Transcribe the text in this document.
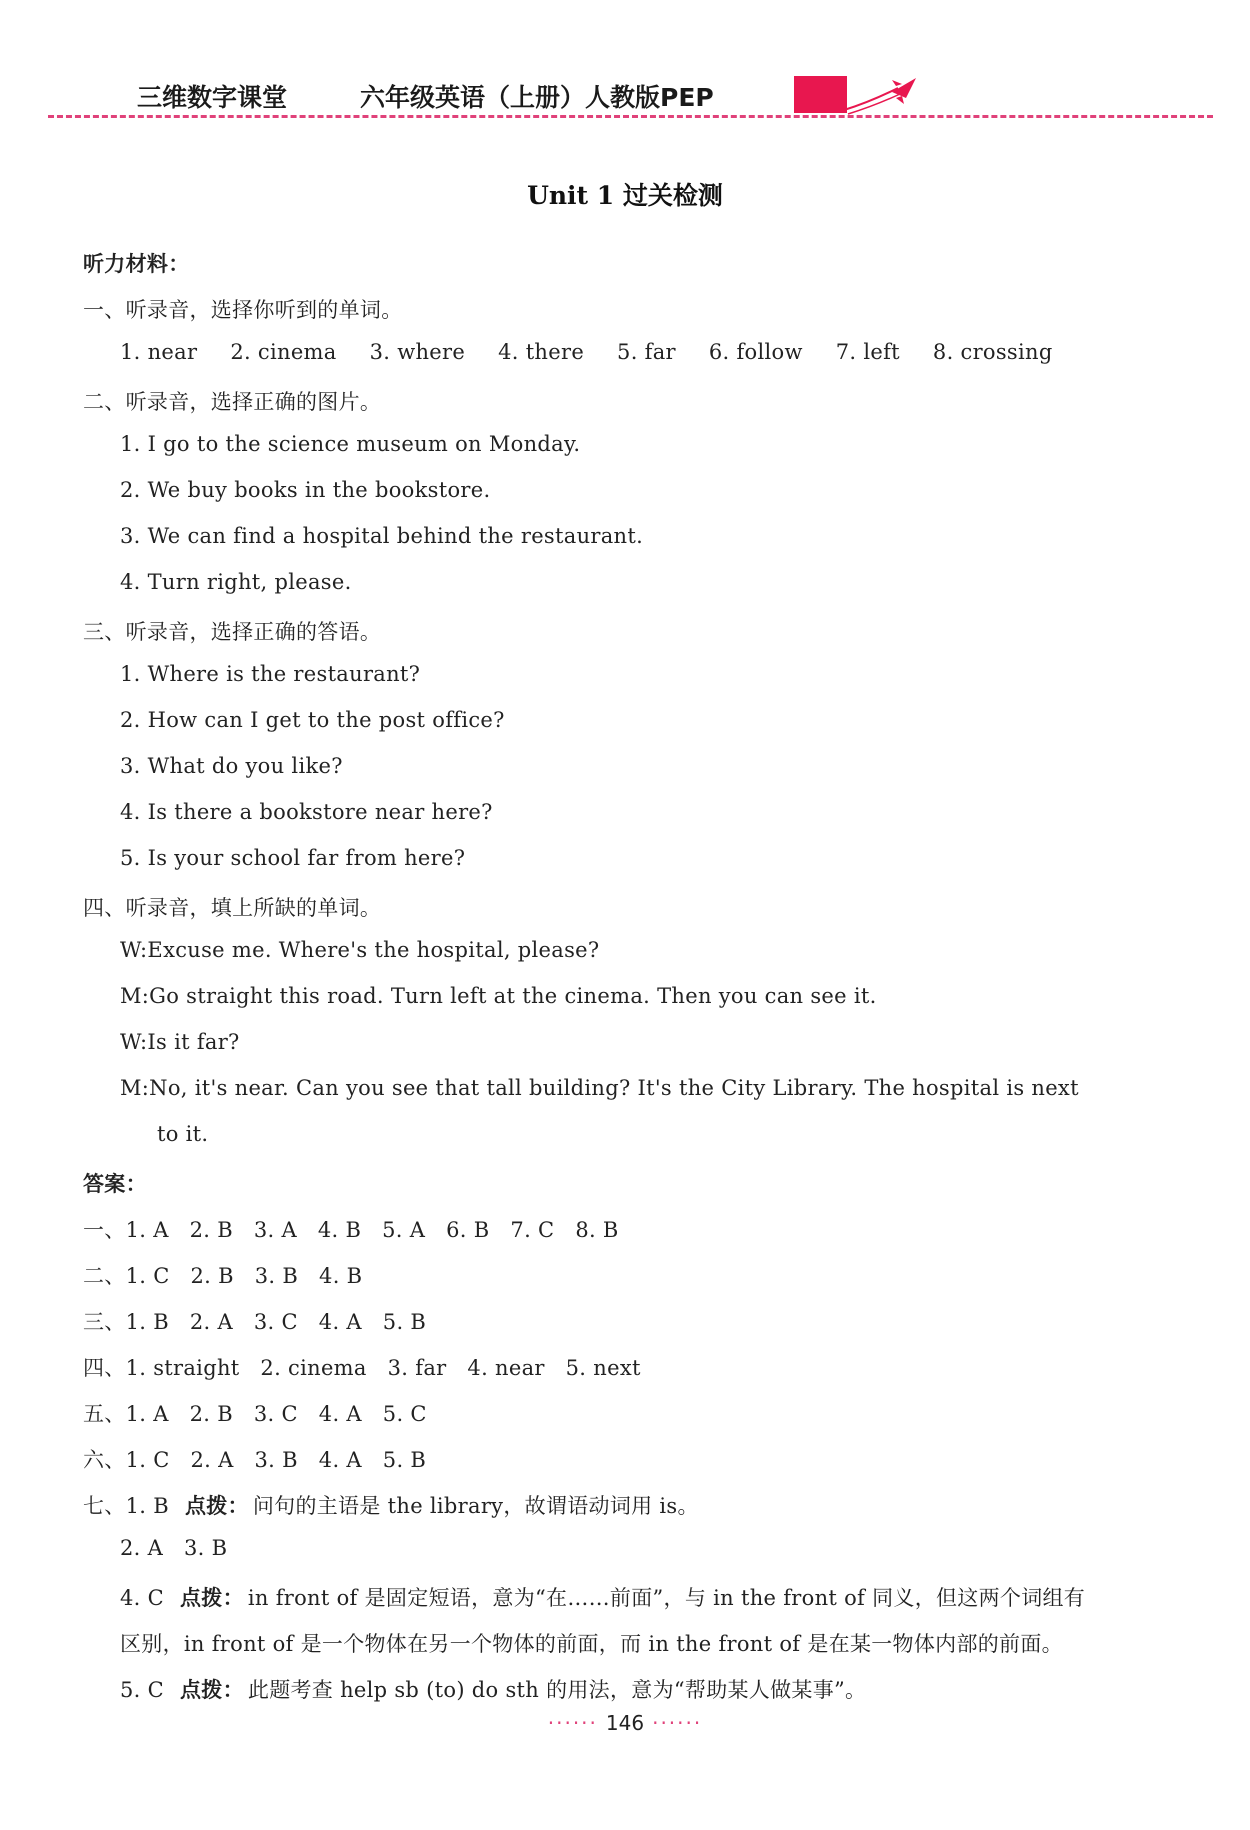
三维数字课堂	六年级英语（上册）人教版PEP
Unit 1 过关检测
听力材料：
一、听录音，选择你听到的单词。
1. near 2. cinema 3. where 4. there 5. far 6. follow 7. left 8. crossing
二、听录音，选择正确的图片。
1. I go to the science museum on Monday.
2. We buy books in the bookstore.
3. We can find a hospital behind the restaurant.
4. Turn right, please.
三、听录音，选择正确的答语。
1. Where is the restaurant?
2. How can I get to the post office?
3. What do you like?
4. Is there a bookstore near here?
5. Is your school far from here?
四、听录音，填上所缺的单词。
W:Excuse me. Where's the hospital, please?
M:Go straight this road. Turn left at the cinema. Then you can see it.
W:Is it far?
M:No, it's near. Can you see that tall building? It's the City Library. The hospital is next
to it.
答案：
一、1. A   2. B   3. A   4. B   5. A   6. B   7. C   8. B
二、1. C   2. B   3. B   4. B
三、1. B   2. A   3. C   4. A   5. B
四、1. straight   2. cinema   3. far   4. near   5. next
五、1. A   2. B   3. C   4. A   5. C
六、1. C   2. A   3. B   4. A   5. B
七、1. B 点拨： 问句的主语是 the library，故谓语动词用 is。
2. A   3. B
4. C 点拨： in front of 是固定短语，意为“在……前面”，与 in the front of 同义，但这两个词组有
区别，in front of 是一个物体在另一个物体的前面，而 in the front of 是在某一物体内部的前面。
5. C 点拨： 此题考查 help sb (to) do sth 的用法，意为“帮助某人做某事”。
······ 146 ······
